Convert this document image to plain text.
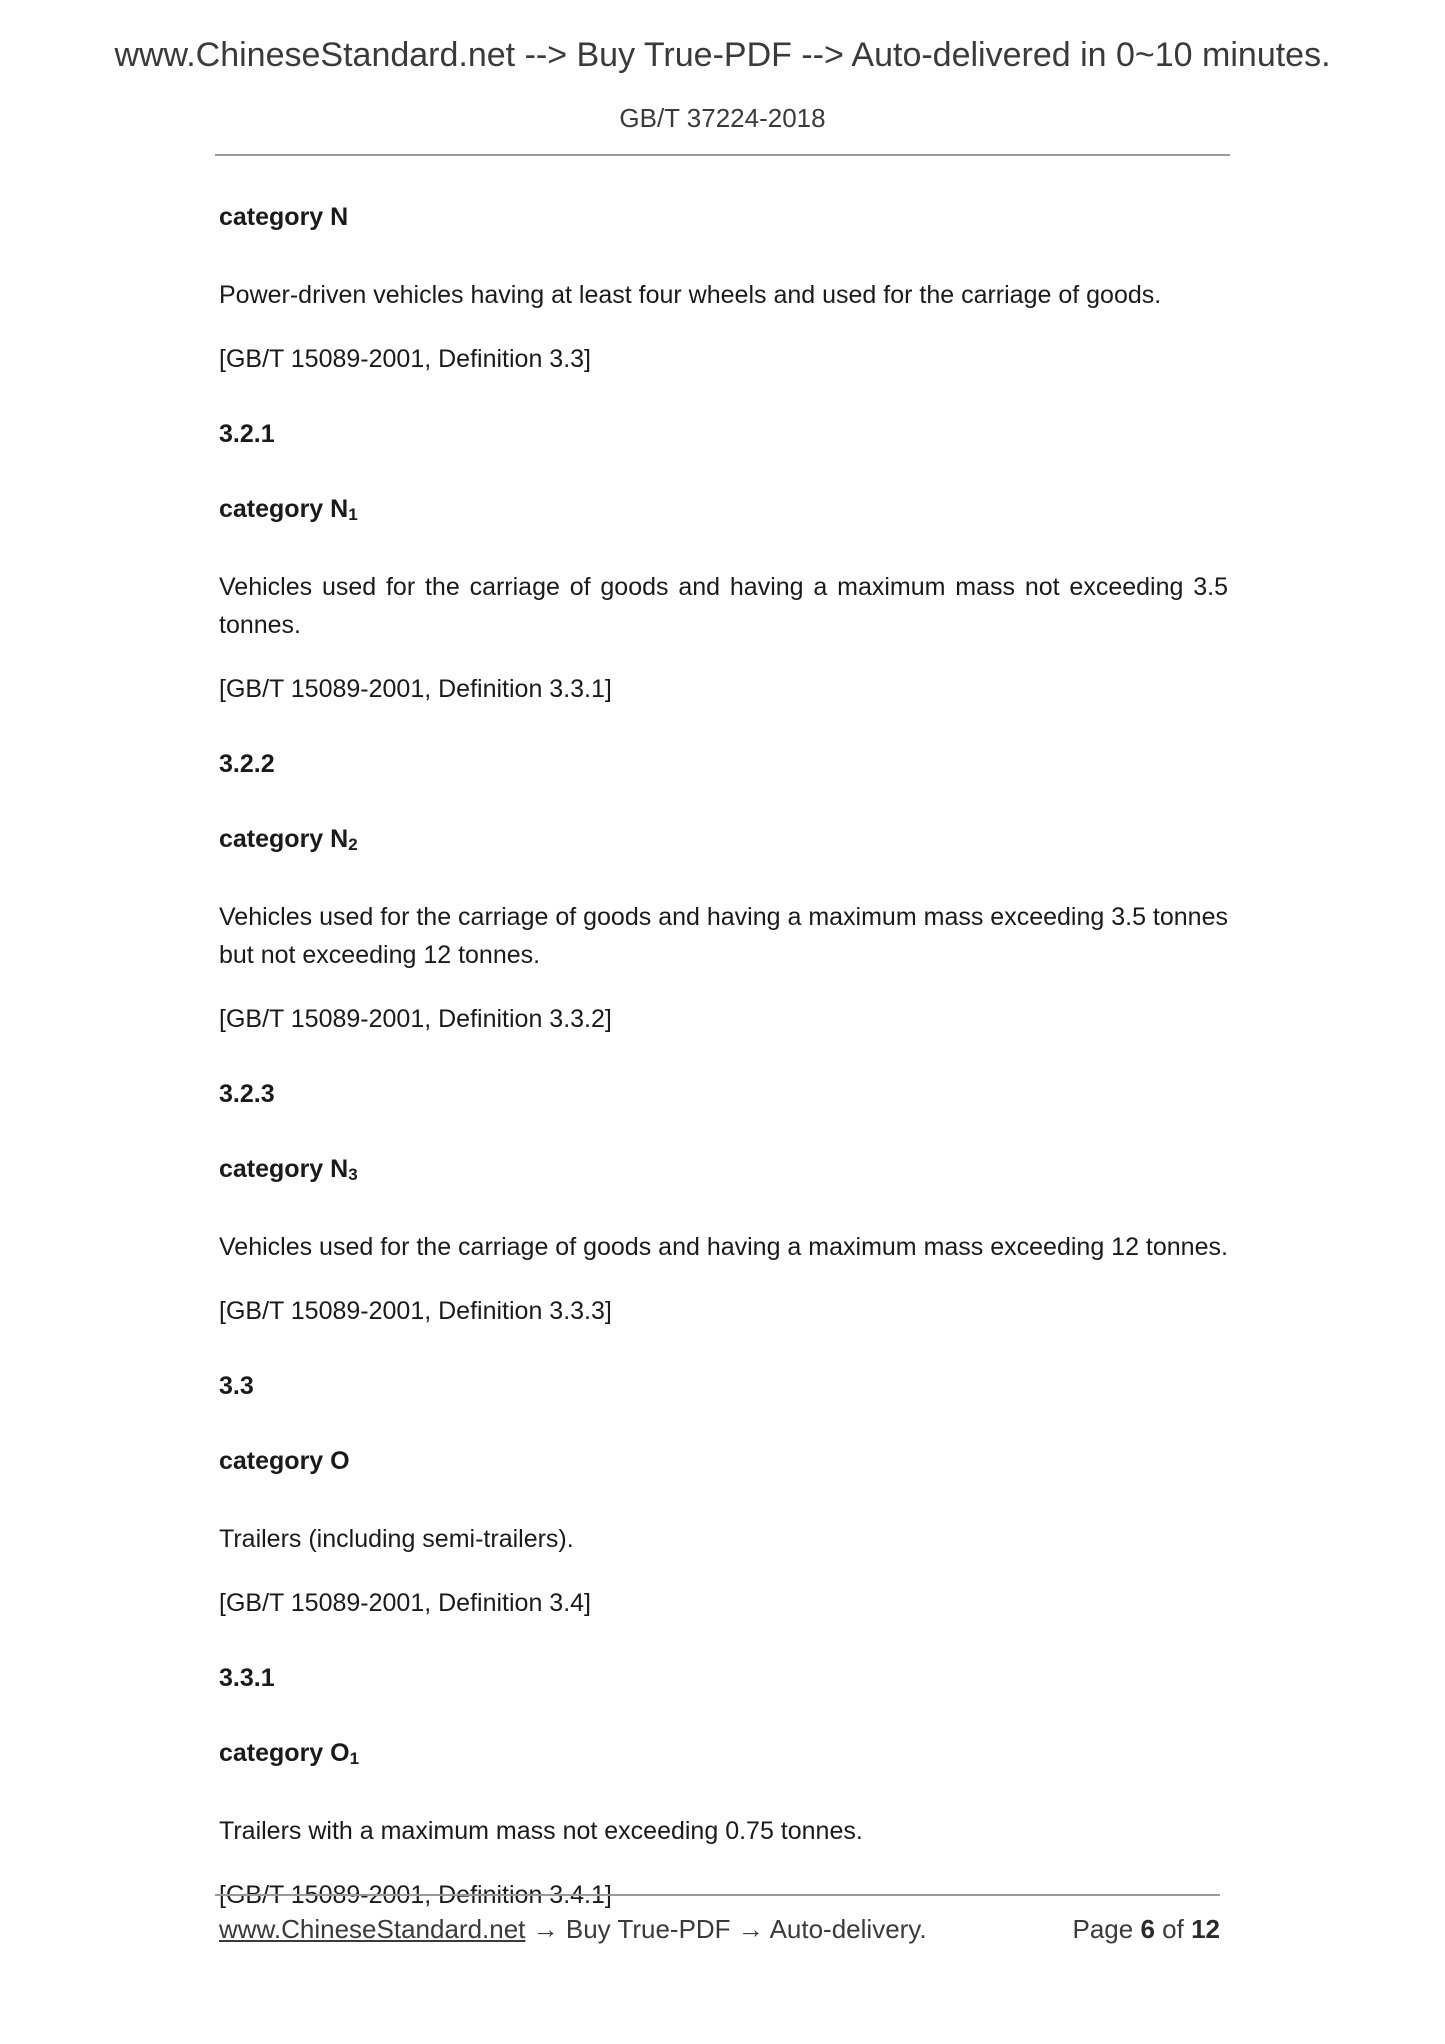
www.ChineseStandard.net --> Buy True-PDF --> Auto-delivered in 0~10 minutes.
GB/T 37224-2018

category N

Power-driven vehicles having at least four wheels and used for the carriage of goods.

[GB/T 15089-2001, Definition 3.3]

3.2.1

category $N_1$

Vehicles used for the carriage of goods and having a maximum mass not exceeding 3.5 tonnes.

[GB/T 15089-2001, Definition 3.3.1]

3.2.2

category $N_2$

Vehicles used for the carriage of goods and having a maximum mass exceeding 3.5 tonnes but not exceeding 12 tonnes.

[GB/T 15089-2001, Definition 3.3.2]

3.2.3

category $N_3$

Vehicles used for the carriage of goods and having a maximum mass exceeding 12 tonnes.

[GB/T 15089-2001, Definition 3.3.3]

3.3

category O

Trailers (including semi-trailers).

[GB/T 15089-2001, Definition 3.4]

3.3.1

category $O_1$

Trailers with a maximum mass not exceeding 0.75 tonnes.

[GB/T 15089-2001, Definition 3.4.1]

www.ChineseStandard.net → Buy True-PDF → Auto-delivery.	Page 6 of 12
